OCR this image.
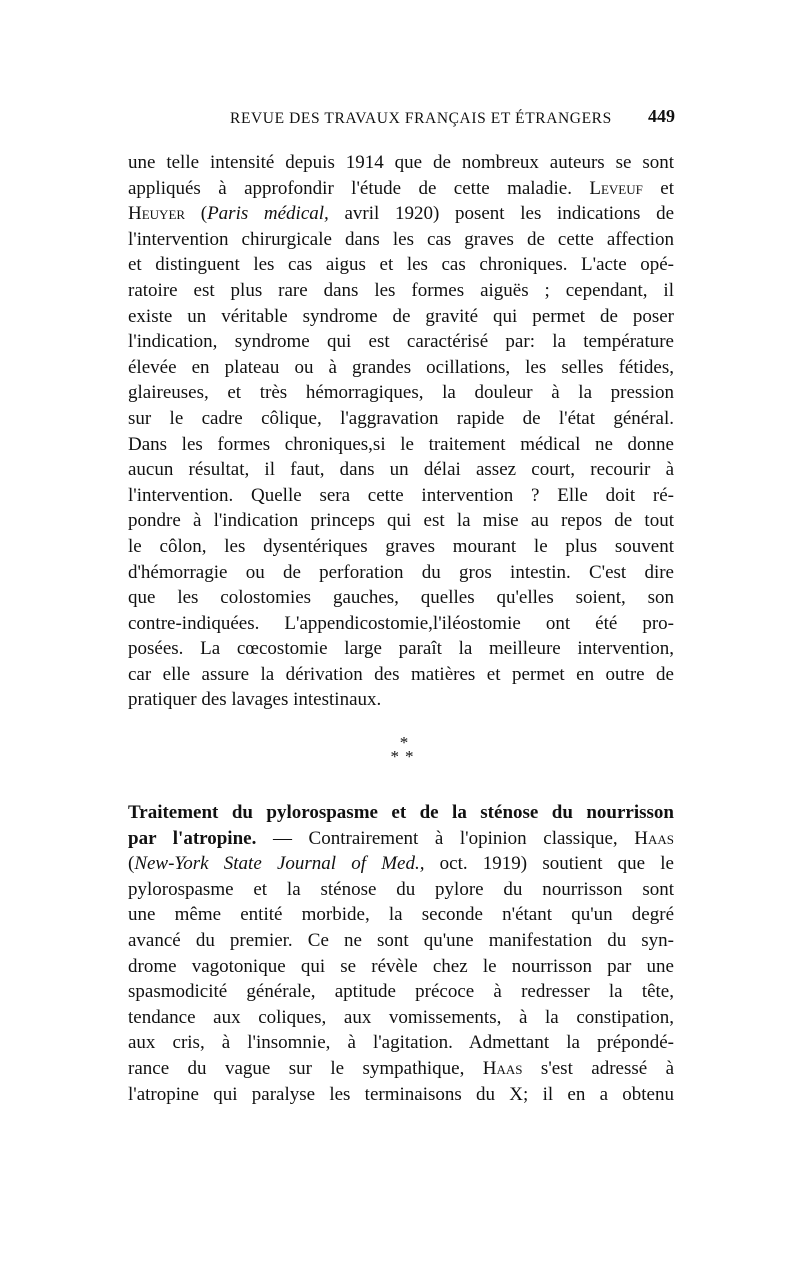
REVUE DES TRAVAUX FRANÇAIS ET ÉTRANGERS 449
une telle intensité depuis 1914 que de nombreux auteurs se sont
appliqués à approfondir l'étude de cette maladie. Leveuf et
Heuyer (Paris médical, avril 1920) posent les indications de
l'intervention chirurgicale dans les cas graves de cette affection
et distinguent les cas aigus et les cas chroniques. L'acte opé-
ratoire est plus rare dans les formes aiguës ; cependant, il
existe un véritable syndrome de gravité qui permet de poser
l'indication, syndrome qui est caractérisé par: la température
élevée en plateau ou à grandes ocillations, les selles fétides,
glaireuses, et très hémorragiques, la douleur à la pression
sur le cadre côlique, l'aggravation rapide de l'état général.
Dans les formes chroniques,si le traitement médical ne donne
aucun résultat, il faut, dans un délai assez court, recourir à
l'intervention. Quelle sera cette intervention ? Elle doit ré-
pondre à l'indication princeps qui est la mise au repos de tout
le côlon, les dysentériques graves mourant le plus souvent
d'hémorragie ou de perforation du gros intestin. C'est dire
que les colostomies gauches, quelles qu'elles soient, son
contre-indiquées. L'appendicostomie,l'iléostomie ont été pro-
posées. La cœcostomie large paraît la meilleure intervention,
car elle assure la dérivation des matières et permet en outre de
pratiquer des lavages intestinaux.
*
**
Traitement du pylorospasme et de la sténose du nourrisson
par l'atropine. — Contrairement à l'opinion classique, Haas
(New-York State Journal of Med., oct. 1919) soutient que le
pylorospasme et la sténose du pylore du nourrisson sont
une même entité morbide, la seconde n'étant qu'un degré
avancé du premier. Ce ne sont qu'une manifestation du syn-
drome vagotonique qui se révèle chez le nourrisson par une
spasmodicité générale, aptitude précoce à redresser la tête,
tendance aux coliques, aux vomissements, à la constipation,
aux cris, à l'insomnie, à l'agitation. Admettant la prépondé-
rance du vague sur le sympathique, Haas s'est adressé à
l'atropine qui paralyse les terminaisons du X; il en a obtenu
